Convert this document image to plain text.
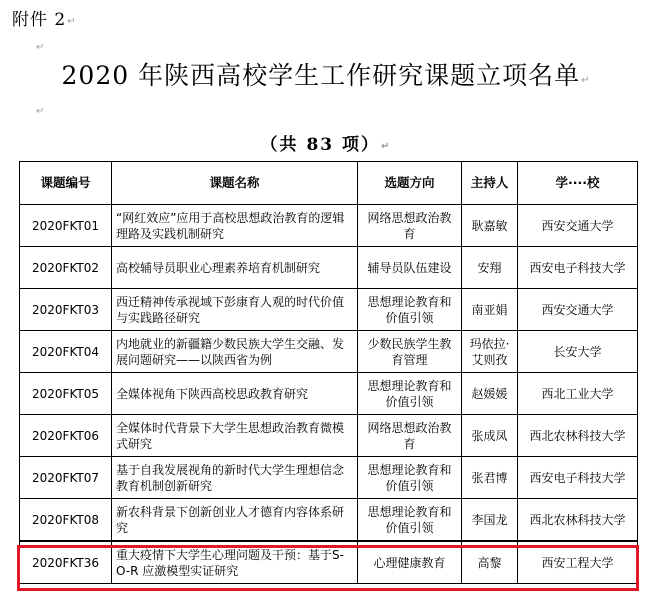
附件 2↵
↵
2020 年陕西高校学生工作研究课题立项名单↵
↵
（共 83 项）↵
课题编号	课题名称	选题方向	主持人	学····校
2020FKT01	“网红效应”应用于高校思想政治教育的逻辑理路及实践机制研究	网络思想政治教育	耿嘉敏	西安交通大学
2020FKT02	高校辅导员职业心理素养培育机制研究	辅导员队伍建设	安翔	西安电子科技大学
2020FKT03	西迁精神传承视域下彭康育人观的时代价值与实践路径研究	思想理论教育和价值引领	南亚娟	西安交通大学
2020FKT04	内地就业的新疆籍少数民族大学生交融、发展问题研究——以陕西省为例	少数民族学生教育管理	玛依拉·艾则孜	长安大学
2020FKT05	全媒体视角下陕西高校思政教育研究	思想理论教育和价值引领	赵媛媛	西北工业大学
2020FKT06	全媒体时代背景下大学生思想政治教育微模式研究	网络思想政治教育	张成凤	西北农林科技大学
2020FKT07	基于自我发展视角的新时代大学生理想信念教育机制创新研究	思想理论教育和价值引领	张君博	西安电子科技大学
2020FKT08	新农科背景下创新创业人才德育内容体系研究	思想理论教育和价值引领	李国龙	西北农林科技大学
2020FKT36	重大疫情下大学生心理问题及干预：基于S-O-R 应激模型实证研究	心理健康教育	高黎	西安工程大学
